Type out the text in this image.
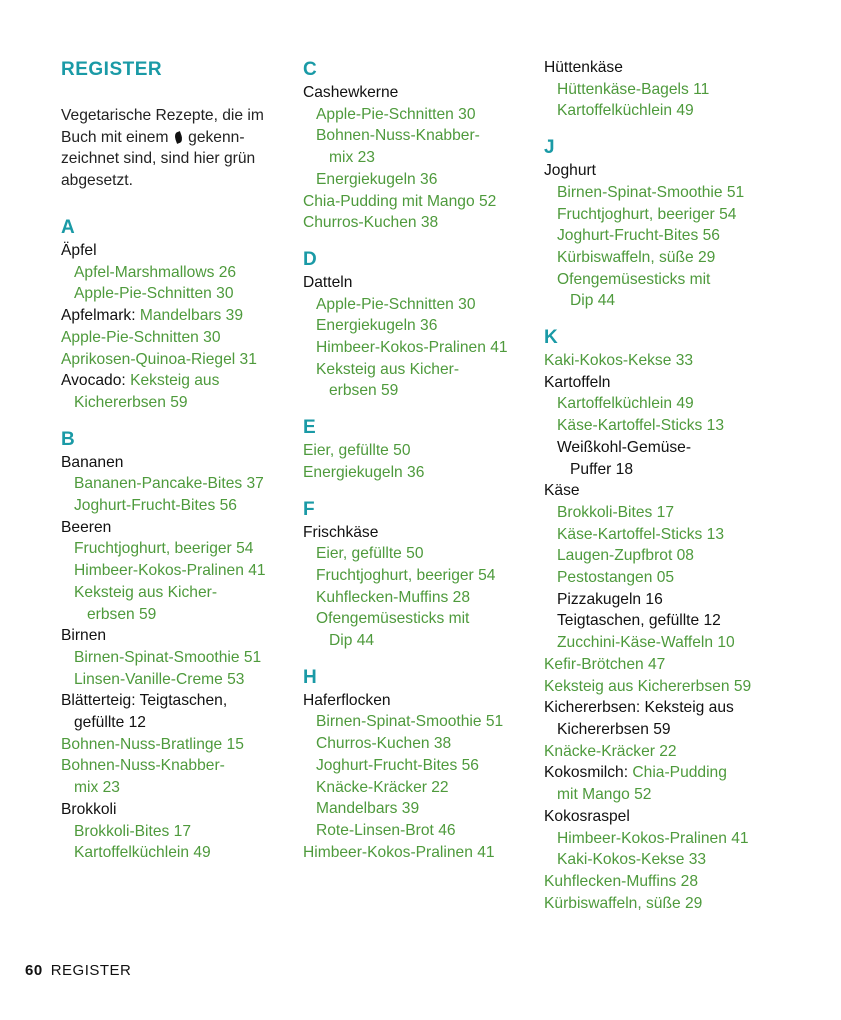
REGISTER

Vegetarische Rezepte, die im Buch mit einem gekenn-zeichnet sind, sind hier grün abgesetzt.

A
Äpfel
Apfel-Marshmallows 26
Apple-Pie-Schnitten 30
Apfelmark: Mandelbars 39
Apple-Pie-Schnitten 30
Aprikosen-Quinoa-Riegel 31
Avocado: Keksteig aus
Kichererbsen 59
B
Bananen
Bananen-Pancake-Bites 37
Joghurt-Frucht-Bites 56
Beeren
Fruchtjoghurt, beeriger 54
Himbeer-Kokos-Pralinen 41
Keksteig aus Kicher-
erbsen 59
Birnen
Birnen-Spinat-Smoothie 51
Linsen-Vanille-Creme 53
Blätterteig: Teigtaschen,
gefüllte 12
Bohnen-Nuss-Bratlinge 15
Bohnen-Nuss-Knabber-
mix 23
Brokkoli
Brokkoli-Bites 17
Kartoffelküchlein 49
C
Cashewkerne
Apple-Pie-Schnitten 30
Bohnen-Nuss-Knabber-
mix 23
Energiekugeln 36
Chia-Pudding mit Mango 52
Churros-Kuchen 38
D
Datteln
Apple-Pie-Schnitten 30
Energiekugeln 36
Himbeer-Kokos-Pralinen 41
Keksteig aus Kicher-
erbsen 59
E
Eier, gefüllte 50
Energiekugeln 36
F
Frischkäse
Eier, gefüllte 50
Fruchtjoghurt, beeriger 54
Kuhflecken-Muffins 28
Ofengemüsesticks mit
Dip 44
H
Haferflocken
Birnen-Spinat-Smoothie 51
Churros-Kuchen 38
Joghurt-Frucht-Bites 56
Knäcke-Kräcker 22
Mandelbars 39
Rote-Linsen-Brot 46
Himbeer-Kokos-Pralinen 41
Hüttenkäse
Hüttenkäse-Bagels 11
Kartoffelküchlein 49
J
Joghurt
Birnen-Spinat-Smoothie 51
Fruchtjoghurt, beeriger 54
Joghurt-Frucht-Bites 56
Kürbiswaffeln, süße 29
Ofengemüsesticks mit
Dip 44
K
Kaki-Kokos-Kekse 33
Kartoffeln
Kartoffelküchlein 49
Käse-Kartoffel-Sticks 13
Weißkohl-Gemüse-
Puffer 18
Käse
Brokkoli-Bites 17
Käse-Kartoffel-Sticks 13
Laugen-Zupfbrot 08
Pestostangen 05
Pizzakugeln 16
Teigtaschen, gefüllte 12
Zucchini-Käse-Waffeln 10
Kefir-Brötchen 47
Keksteig aus Kichererbsen 59
Kichererbsen: Keksteig aus
Kichererbsen 59
Knäcke-Kräcker 22
Kokosmilch: Chia-Pudding
mit Mango 52
Kokosraspel
Himbeer-Kokos-Pralinen 41
Kaki-Kokos-Kekse 33
Kuhflecken-Muffins 28
Kürbiswaffeln, süße 29
60 REGISTER
